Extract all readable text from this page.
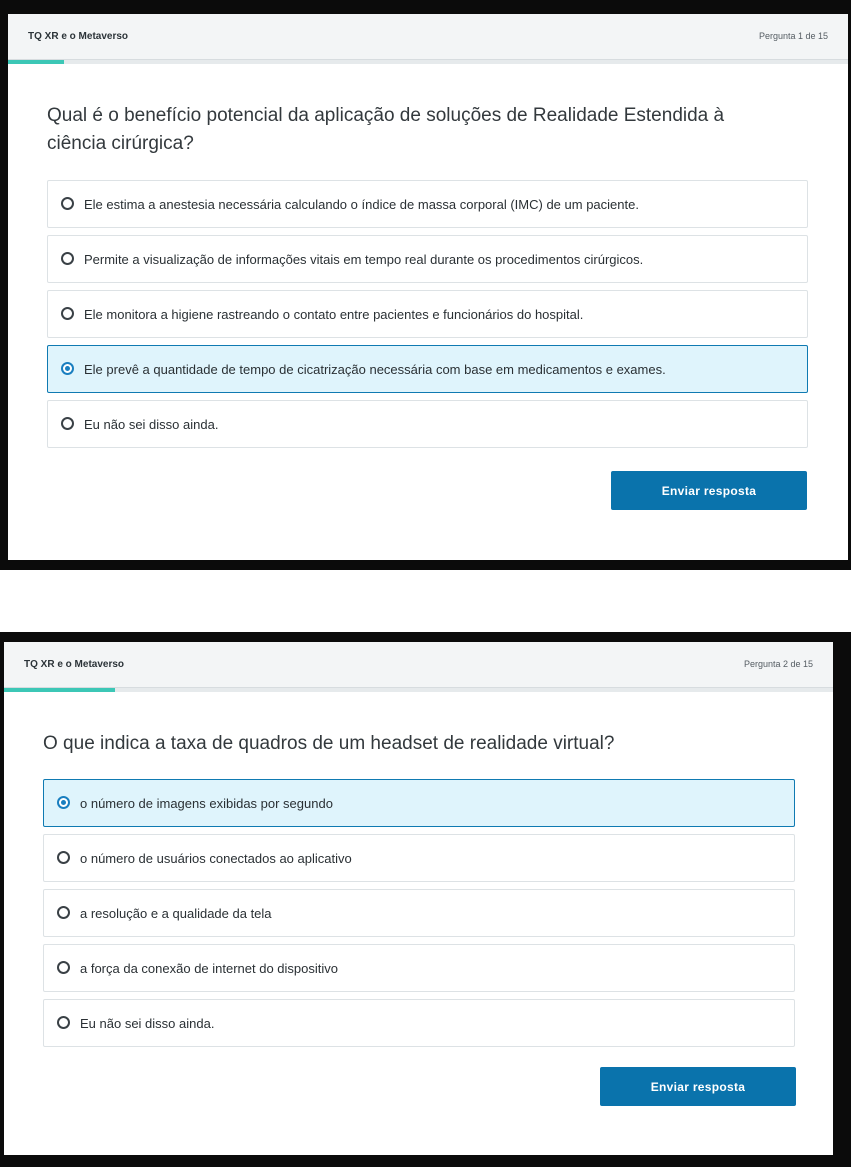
TQ XR e o Metaverso	Pergunta 1 de 15
Qual é o benefício potencial da aplicação de soluções de Realidade Estendida à ciência cirúrgica?
Ele estima a anestesia necessária calculando o índice de massa corporal (IMC) de um paciente.
Permite a visualização de informações vitais em tempo real durante os procedimentos cirúrgicos.
Ele monitora a higiene rastreando o contato entre pacientes e funcionários do hospital.
Ele prevê a quantidade de tempo de cicatrização necessária com base em medicamentos e exames.
Eu não sei disso ainda.
Enviar resposta
TQ XR e o Metaverso	Pergunta 2 de 15
O que indica a taxa de quadros de um headset de realidade virtual?
o número de imagens exibidas por segundo
o número de usuários conectados ao aplicativo
a resolução e a qualidade da tela
a força da conexão de internet do dispositivo
Eu não sei disso ainda.
Enviar resposta
